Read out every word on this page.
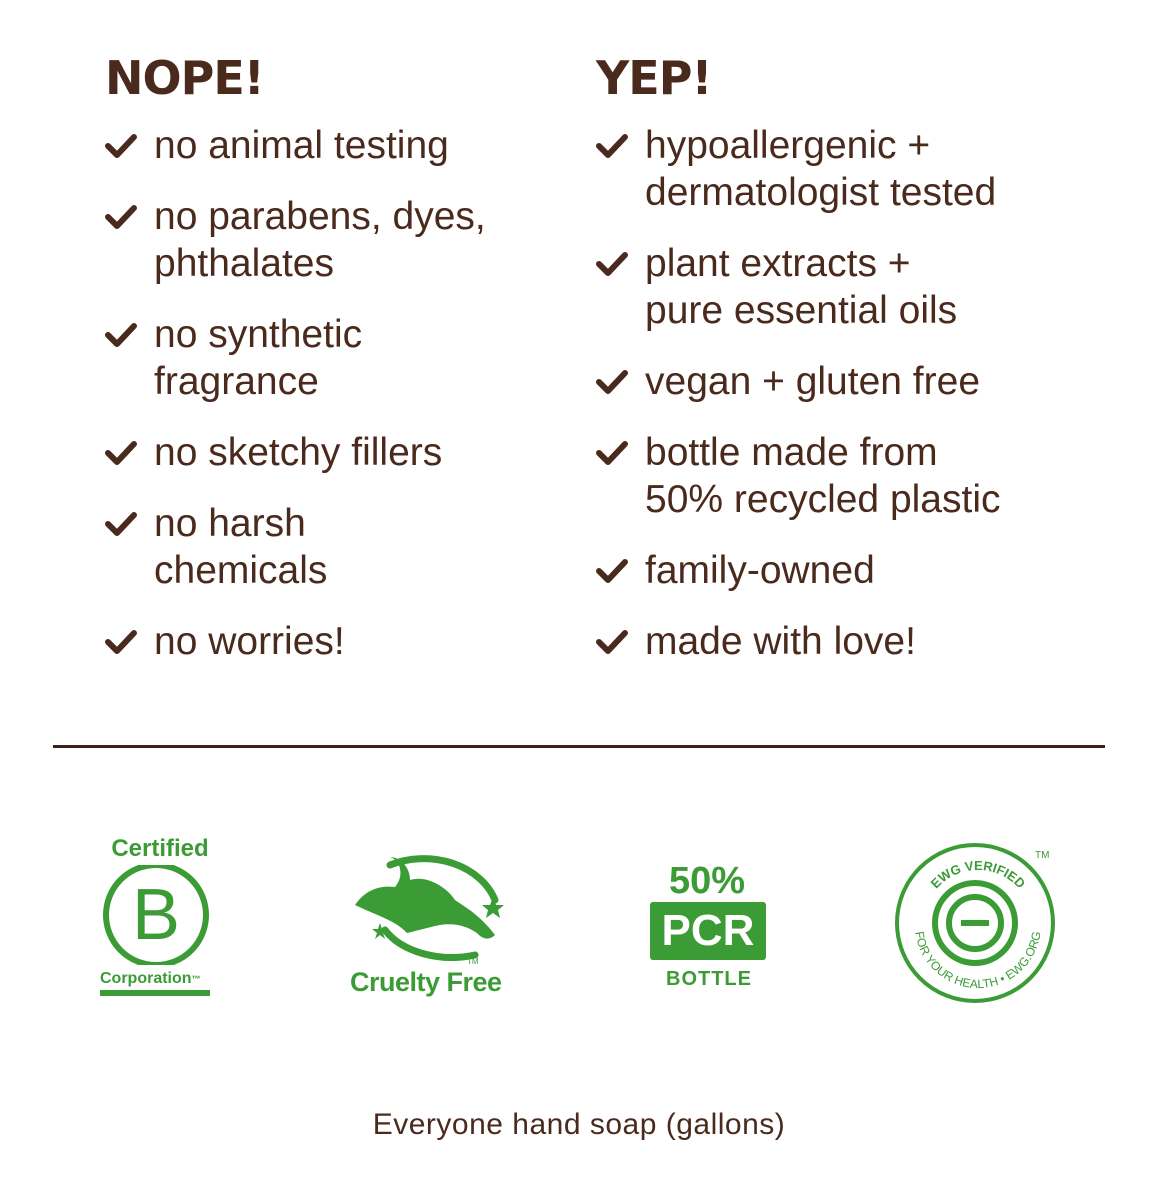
NOPE!
no animal testing
no parabens, dyes,
phthalates
no synthetic
fragrance
no sketchy fillers
no harsh
chemicals
no worries!
YEP!
hypoallergenic +
dermatologist tested
plant extracts +
pure essential oils
vegan + gluten free
bottle made from
50% recycled plastic
family-owned
made with love!
Certified
B
Corporation™	Cruelty Free
TM
50%
PCR
BOTTLE
EWG VERIFIED
FOR YOUR HEALTH • EWG.ORG
TM
Everyone hand soap (gallons)
